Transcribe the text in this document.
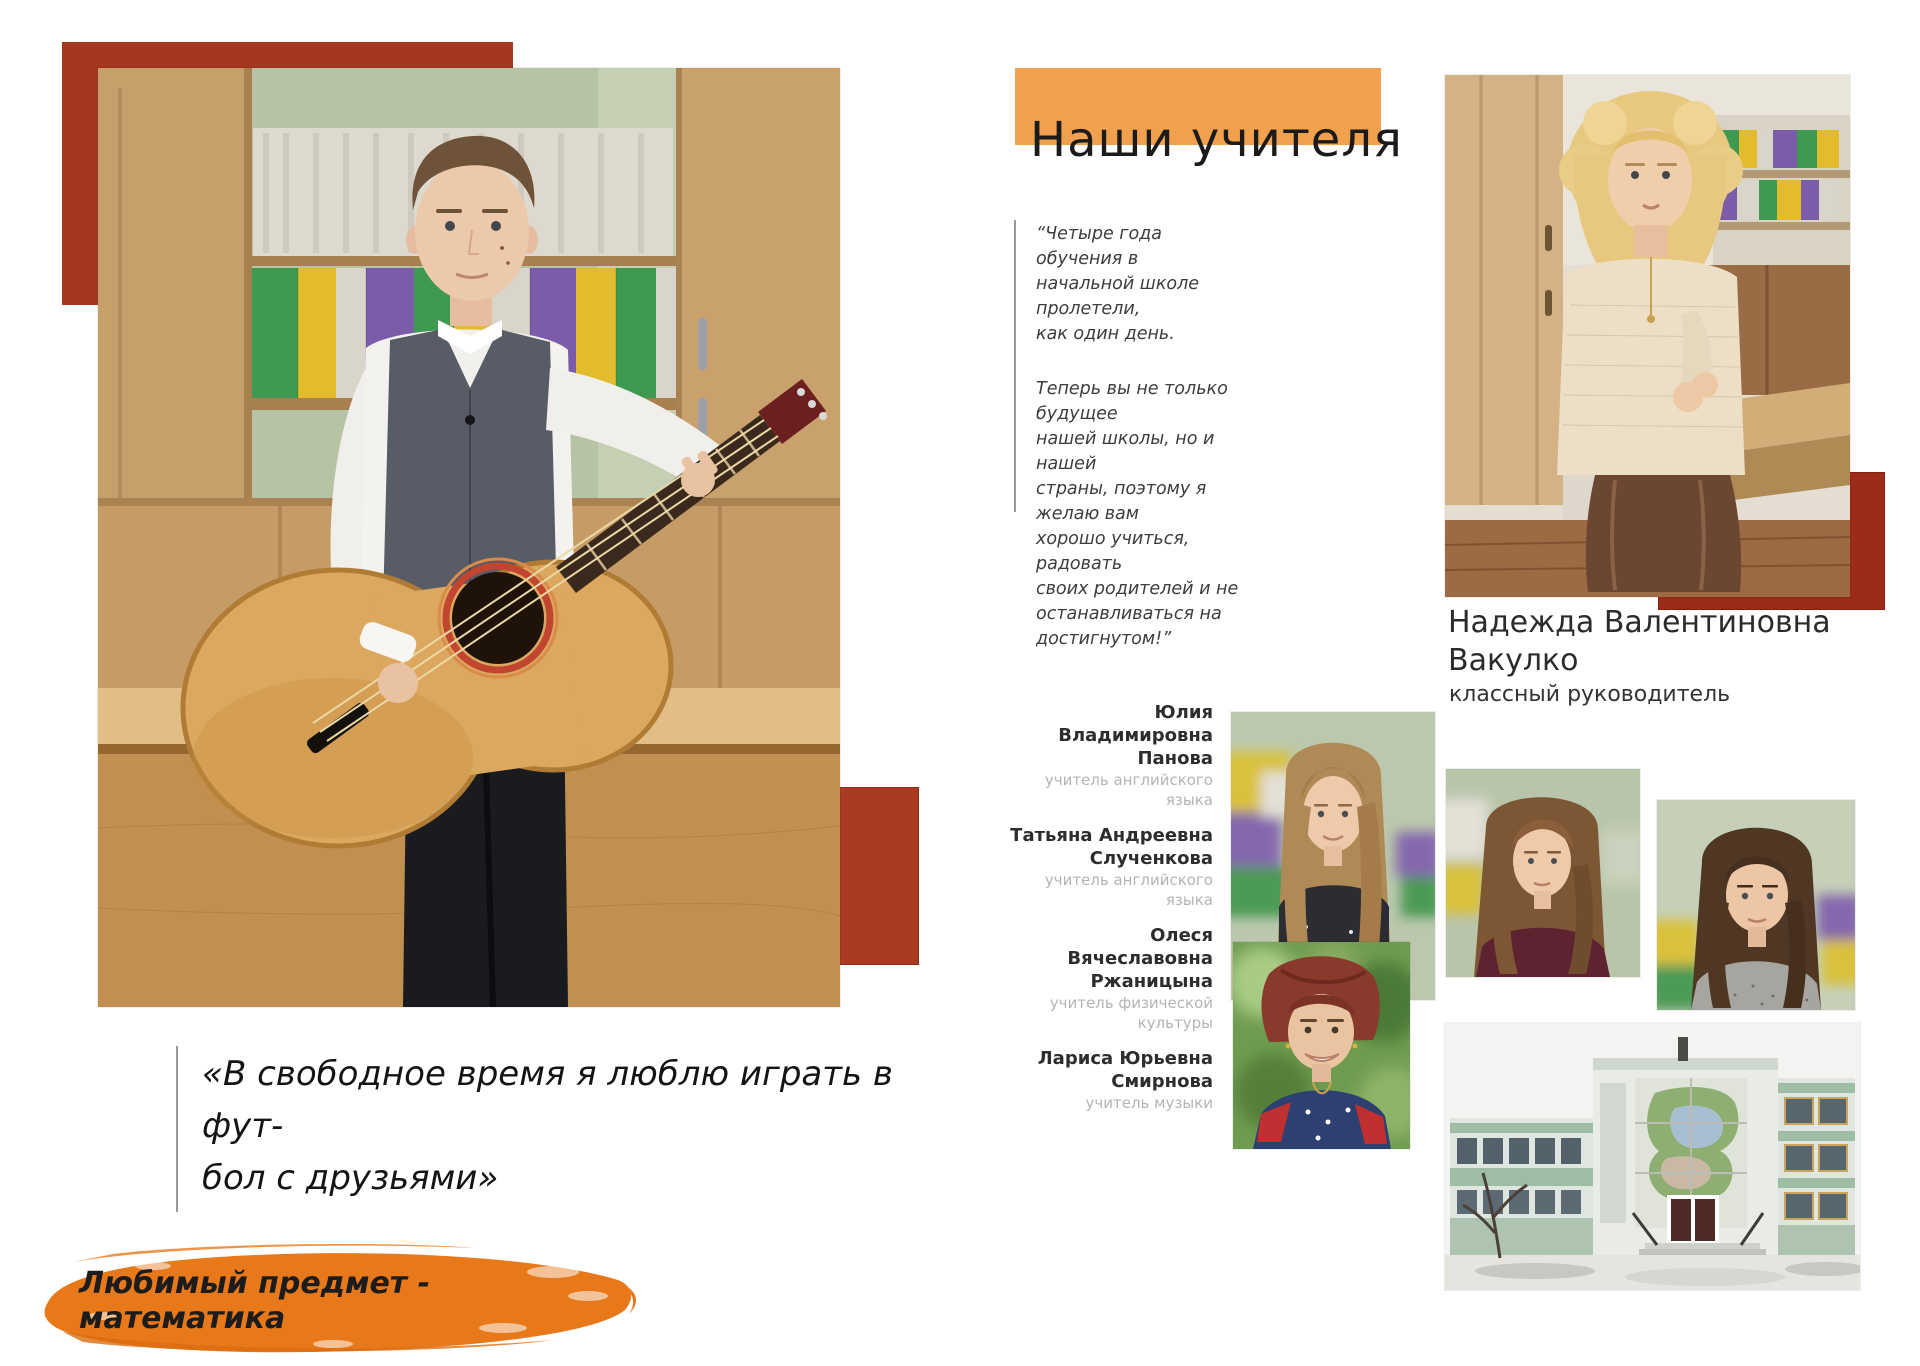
«В свободное время я люблю играть в фут-
бол с друзьями»
Любимый предмет - математика
Наши учителя
“Четыре года обучения в
начальной школе пролетели,
как один день.
Теперь вы не только будущее
нашей школы, но и нашей
страны, поэтому я желаю вам
хорошо учиться, радовать
своих родителей и не
останавливаться на
достигнутом!”	Надежда Валентиновна
Вакулко
классный руководитель
Юлия Владимировна
Панова
учитель английского языка
Татьяна Андреевна
Слученкова
учитель английского языка
Олеся Вячеславовна
Ржаницына
учитель физической культуры
Лариса Юрьевна
Смирнова
учитель музыки
